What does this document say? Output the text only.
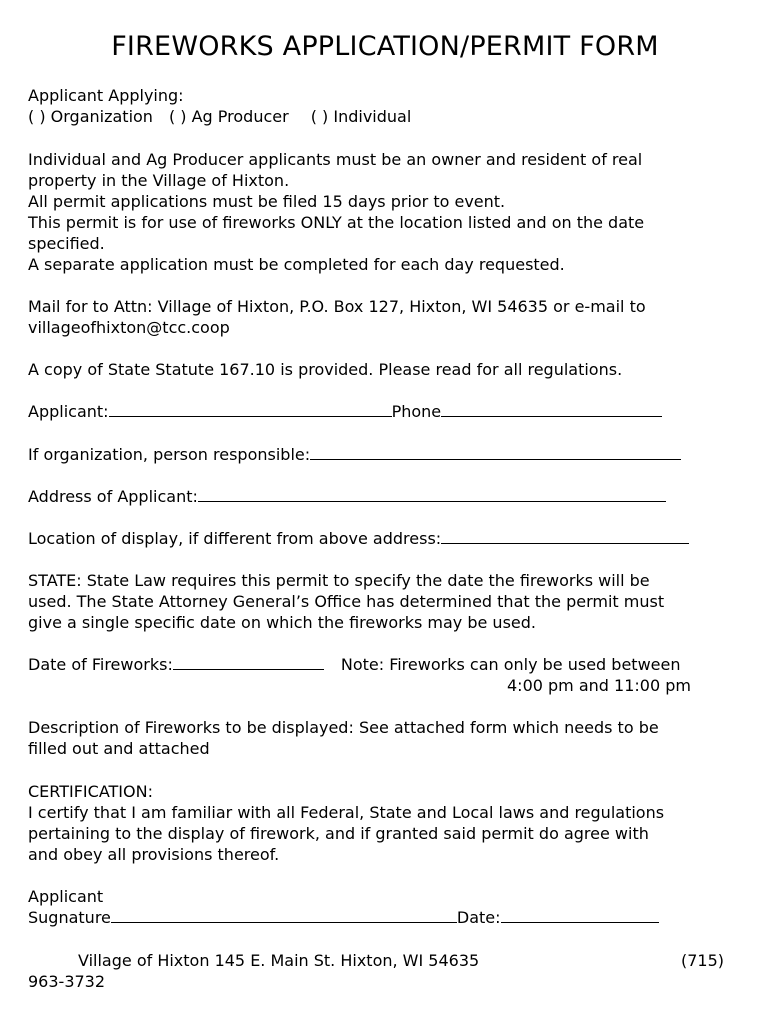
FIREWORKS APPLICATION/PERMIT FORM
Applicant Applying:
( ) Organization ( ) Ag Producer ( ) Individual
Individual and Ag Producer applicants must be an owner and resident of real
property in the Village of Hixton.
All permit applications must be filed 15 days prior to event.
This permit is for use of fireworks ONLY at the location listed and on the date
specified.
A separate application must be completed for each day requested.
Mail for to Attn: Village of Hixton, P.O. Box 127, Hixton, WI 54635 or e-mail to
villageofhixton@tcc.coop
A copy of State Statute 167.10 is provided. Please read for all regulations.
Applicant:	Phone
If organization, person responsible:
Address of Applicant:
Location of display, if different from above address:
STATE: State Law requires this permit to specify the date the fireworks will be
used. The State Attorney General’s Office has determined that the permit must
give a single specific date on which the fireworks may be used.
Date of Fireworks:	Note: Fireworks can only be used between
4:00 pm and 11:00 pm
Description of Fireworks to be displayed: See attached form which needs to be
filled out and attached
CERTIFICATION:
I certify that I am familiar with all Federal, State and Local laws and regulations
pertaining to the display of firework, and if granted said permit do agree with
and obey all provisions thereof.
Applicant
Sugnature	Date:
Village of Hixton 145 E. Main St. Hixton, WI 54635	(715)
963-3732
